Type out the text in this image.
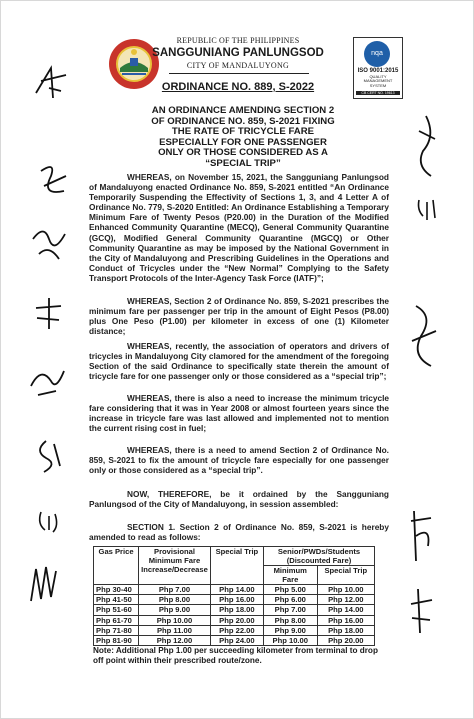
nqa
ISO 9001:2015
QUALITY
MANAGEMENT
SYSTEM
CB CERT NO. 19613
REPUBLIC OF THE PHILIPPINES
SANGGUNIANG PANLUNGSOD
CITY OF MANDALUYONG
ORDINANCE NO. 889, S-2022
AN ORDINANCE AMENDING SECTION 2 OF ORDINANCE NO. 859, S-2021 FIXING THE RATE OF TRICYCLE FARE ESPECIALLY FOR ONE PASSENGER ONLY OR THOSE CONSIDERED AS A “SPECIAL TRIP”
WHEREAS, on November 15, 2021, the Sangguniang Panlungsod of Mandaluyong enacted Ordinance No. 859, S-2021 entitled “An Ordinance Temporarily Suspending the Effectivity of Sections 1, 3, and 4 Letter A of Ordinance No. 779, S-2020 Entitled: An Ordinance Establishing a Temporary Minimum Fare of Twenty Pesos (P20.00) in the Duration of the Modified Enhanced Community Quarantine (MECQ), General Community Quarantine (GCQ), Modified General Community Quarantine (MGCQ) or Other Community Quarantine as may be imposed by the National Government in the City of Mandaluyong and Prescribing Guidelines in the Operations and Conduct of Tricycles under the “New Normal” Complying to the Safety Transport Protocols of the Inter-Agency Task Force (IATF)”;
WHEREAS, Section 2 of Ordinance No. 859, S-2021 prescribes the minimum fare per passenger per trip in the amount of Eight Pesos (P8.00) plus One Peso (P1.00) per kilometer in excess of one (1) Kilometer distance;
WHEREAS, recently, the association of operators and drivers of tricycles in Mandaluyong City clamored for the amendment of the foregoing Section of the said Ordinance to specifically state therein the amount of tricycle fare for one passenger only or those considered as a “special trip”;
WHEREAS, there is also a need to increase the minimum tricycle fare considering that it was in Year 2008 or almost fourteen years since the increase in tricycle fare was last allowed and implemented not to mention the current rising cost in fuel;
WHEREAS, there is a need to amend Section 2 of Ordinance No. 859, S-2021 to fix the amount of tricycle fare especially for one passenger only or those considered as a “special trip”.
NOW, THEREFORE, be it ordained by the Sangguniang Panlungsod of the City of Mandaluyong, in session assembled:
SECTION 1. Section 2 of Ordinance No. 859, S-2021 is hereby amended to read as follows:
Gas Price	Provisional Minimum Fare Increase/Decrease	Special Trip	Senior/PWDs/Students (Discounted Fare)	
			Minimum Fare	Special Trip
Php 30-40	Php 7.00	Php 14.00	Php 5.00	Php 10.00
Php 41-50	Php 8.00	Php 16.00	Php 6.00	Php 12.00
Php 51-60	Php 9.00	Php 18.00	Php 7.00	Php 14.00
Php 61-70	Php 10.00	Php 20.00	Php 8.00	Php 16.00
Php 71-80	Php 11.00	Php 22.00	Php 9.00	Php 18.00
Php 81-90	Php 12.00	Php 24.00	Php 10.00	Php 20.00
Note: Additional Php 1.00 per succeeding kilometer from terminal to drop off point within their prescribed route/zone.
